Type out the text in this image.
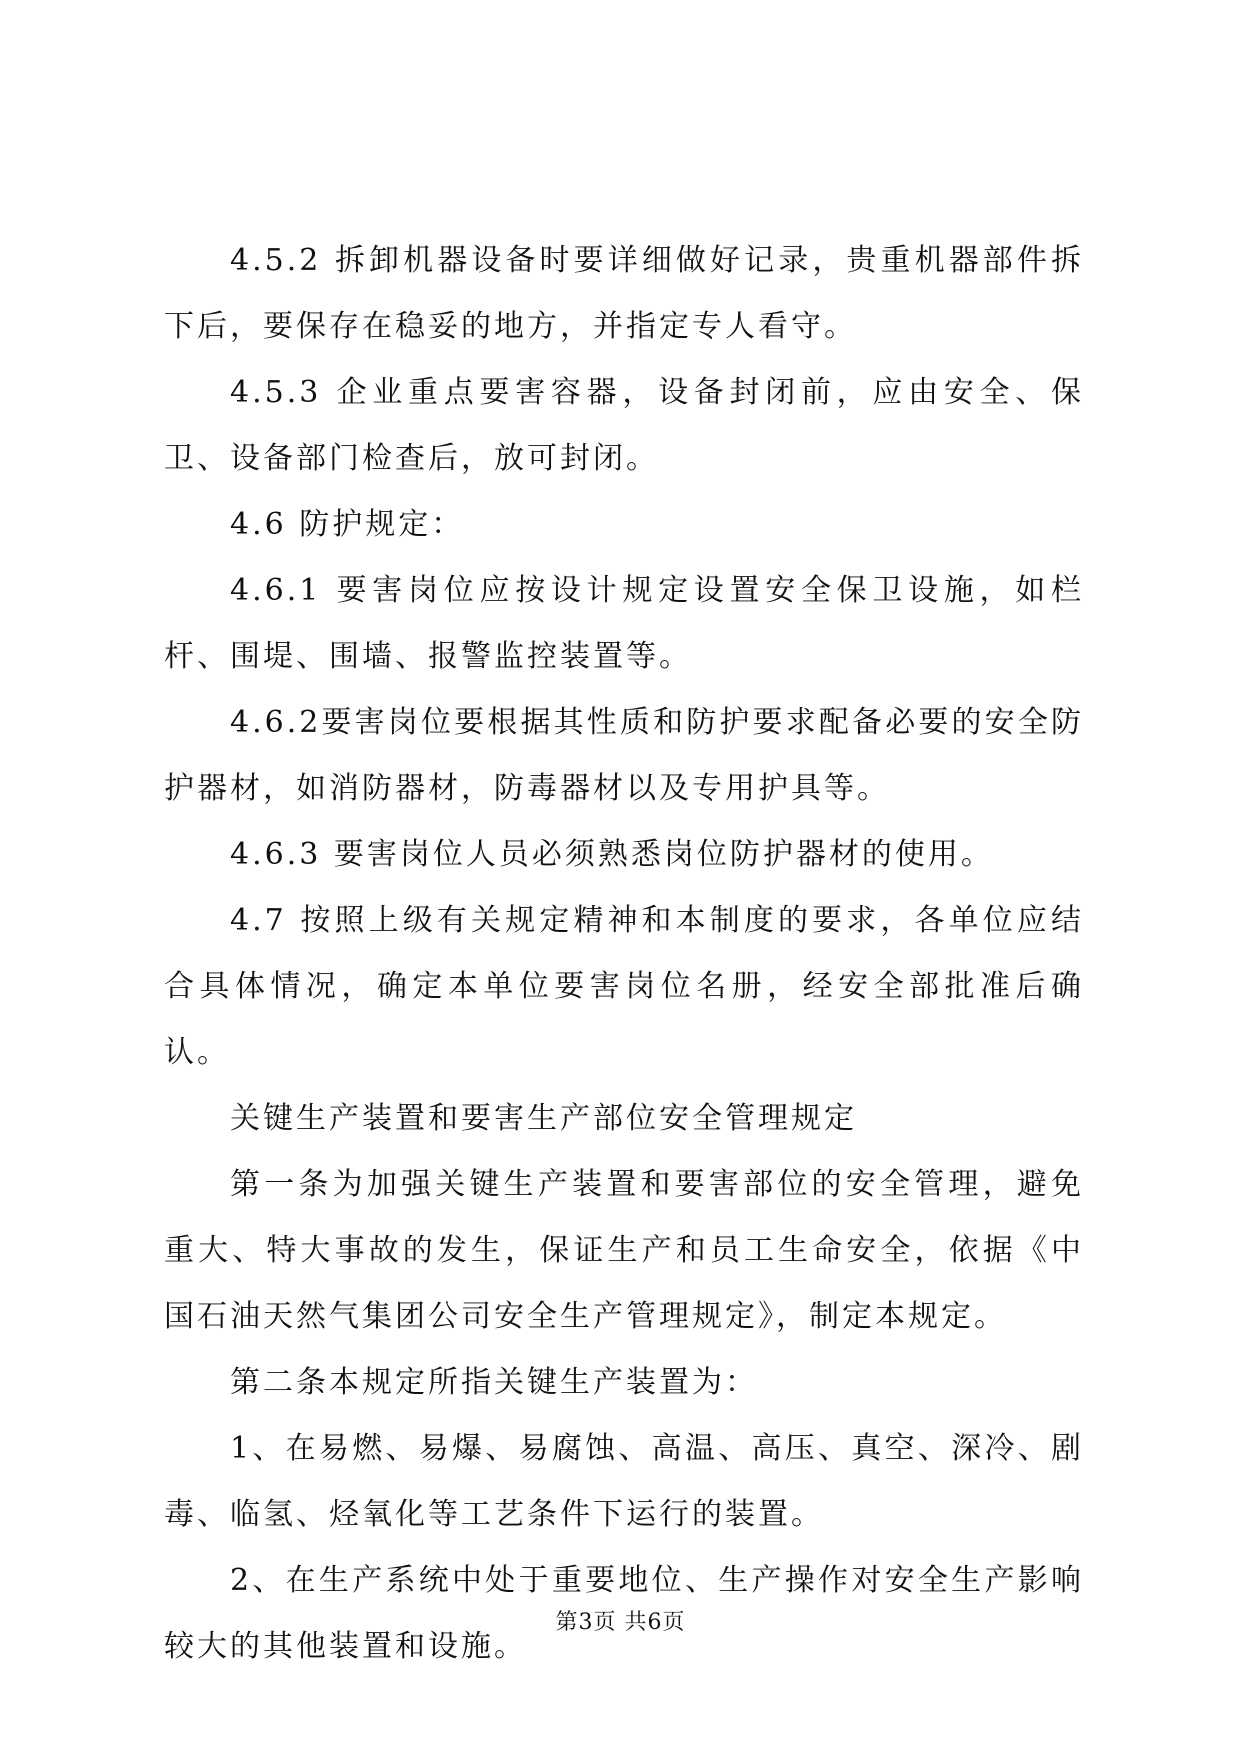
4.5.2 拆卸机器设备时要详细做好记录，贵重机器部件拆下后，要保存在稳妥的地方，并指定专人看守。

4.5.3 企业重点要害容器，设备封闭前，应由安全、保卫、设备部门检查后，放可封闭。

4.6 防护规定：

4.6.1 要害岗位应按设计规定设置安全保卫设施，如栏杆、围堤、围墙、报警监控装置等。

4.6.2要害岗位要根据其性质和防护要求配备必要的安全防护器材，如消防器材，防毒器材以及专用护具等。

4.6.3 要害岗位人员必须熟悉岗位防护器材的使用。

4.7 按照上级有关规定精神和本制度的要求，各单位应结合具体情况，确定本单位要害岗位名册，经安全部批准后确认。

关键生产装置和要害生产部位安全管理规定

第一条为加强关键生产装置和要害部位的安全管理，避免重大、特大事故的发生，保证生产和员工生命安全，依据《中国石油天然气集团公司安全生产管理规定》，制定本规定。

第二条本规定所指关键生产装置为：

1、在易燃、易爆、易腐蚀、高温、高压、真空、深冷、剧毒、临氢、烃氧化等工艺条件下运行的装置。

2、在生产系统中处于重要地位、生产操作对安全生产影响较大的其他装置和设施。

第3页 共6页
